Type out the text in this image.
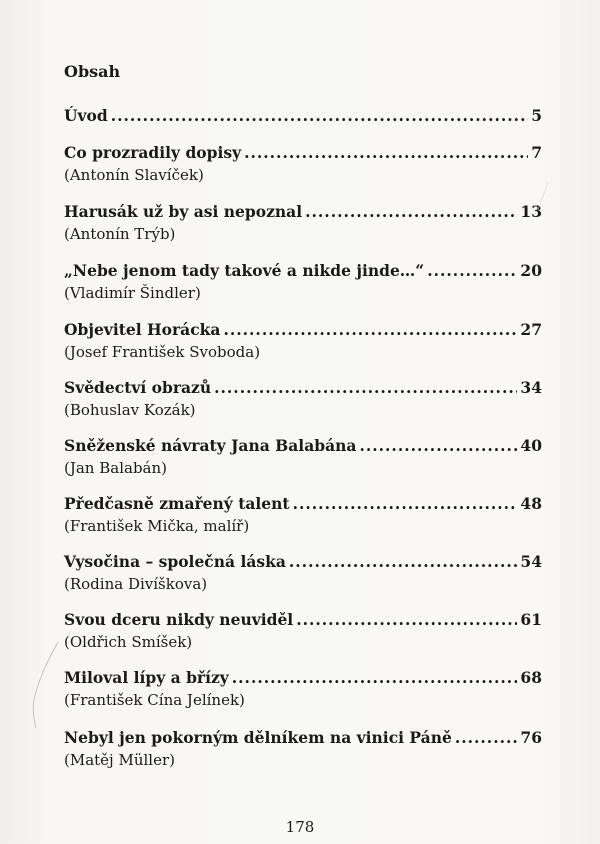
Obsah
Úvod .....	5
Co prozradily dopisy .....	7
(Antonín Slavíček)
Harusák už by asi nepoznal .....	13
(Antonín Trýb)
„Nebe jenom tady takové a nikde jinde…“ .....	20
(Vladimír Šindler)
Objevitel Horácka .....	27
(Josef František Svoboda)
Svědectví obrazů .....	34
(Bohuslav Kozák)
Sněženské návraty Jana Balabána .....	40
(Jan Balabán)
Předčasně zmařený talent .....	48
(František Mička, malíř)
Vysočina – společná láska .....	54
(Rodina Divíškova)
Svou dceru nikdy neuviděl .....	61
(Oldřich Smíšek)
Miloval lípy a břízy .....	68
(František Cína Jelínek)
Nebyl jen pokorným dělníkem na vinici Páně .....	76
(Matěj Müller)
178
